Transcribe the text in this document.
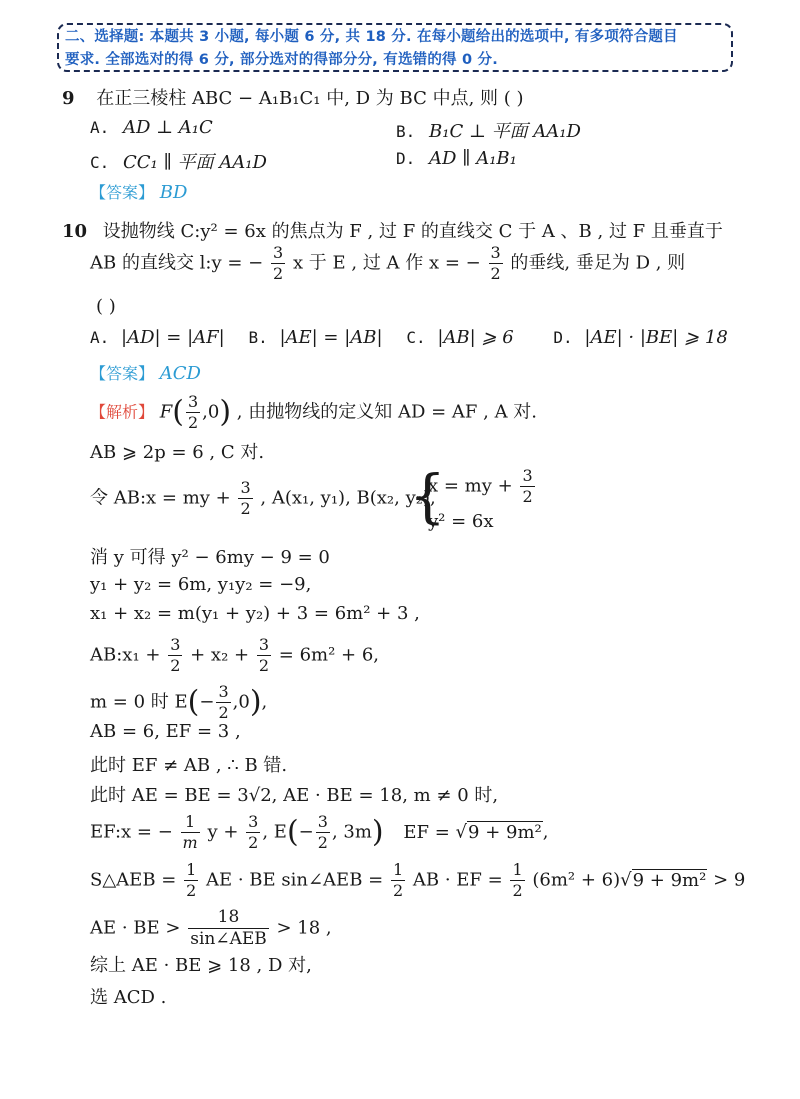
二、选择题: 本题共 3 小题, 每小题 6 分, 共 18 分. 在每小题给出的选项中, 有多项符合题目
要求. 全部选对的得 6 分, 部分选对的得部分分, 有选错的得 0 分.
9 在正三棱柱 ABC − A₁B₁C₁ 中, D 为 BC 中点, 则 ( )
A. AD ⊥ A₁C	B. B₁C ⊥ 平面 AA₁D
C. CC₁ ∥ 平面 AA₁D	D. AD ∥ A₁B₁
【答案】 BD
10 设抛物线 C:y² = 6x 的焦点为 F , 过 F 的直线交 C 于 A 、B , 过 F 且垂直于
AB 的直线交 l:y = − $\frac{3}{2}$ x 于 E , 过 A 作 x = − $\frac{3}{2}$ 的垂线, 垂足为 D , 则
( )
A. |AD| = |AF| B. |AE| = |AB| C. |AB| ⩾ 6 D. |AE| · |BE| ⩾ 18
【答案】 ACD
【解析】 $F( \frac{3}{2} ,0)$ , 由抛物线的定义知 AD = AF , A 对.
AB ⩾ 2p = 6 , C 对.
令 AB:x = my + $\frac{3}{2}$ , A(x₁, y₁), B(x₂, y₂),
{
x = my + $\frac{3}{2}$
y² = 6x
消 y 可得 y² − 6my − 9 = 0
y₁ + y₂ = 6m, y₁y₂ = −9,
x₁ + x₂ = m(y₁ + y₂) + 3 = 6m² + 3 ,
AB:x₁ + $\frac{3}{2} + x_2 + \frac{3}{2} = 6m^2 + 6$,
m = 0 时 $E(- \frac{3}{2} ,0)$,
AB = 6, EF = 3 ,
此时 EF ≠ AB , ∴ B 错.
此时 AE = BE = 3√2, AE · BE = 18, m ≠ 0 时,
EF:x = − $\frac{1}{m}$ $y + \frac{3}{2}$ , $E(- \frac{3}{2}$ , 3m) EF = √9 + 9m²,
S△AEB = $\frac{1}{2}$ AE · BE sin∠AEB = $\frac{1}{2}$ AB · EF = $\frac{1}{2} (6m^2 + 6)√9 + 9m^2 > 9$
AE · BE > $\frac{18}{\text{sin∠AEB}} > 18$ ,
综上 AE · BE ⩾ 18 , D 对,
选 ACD .
